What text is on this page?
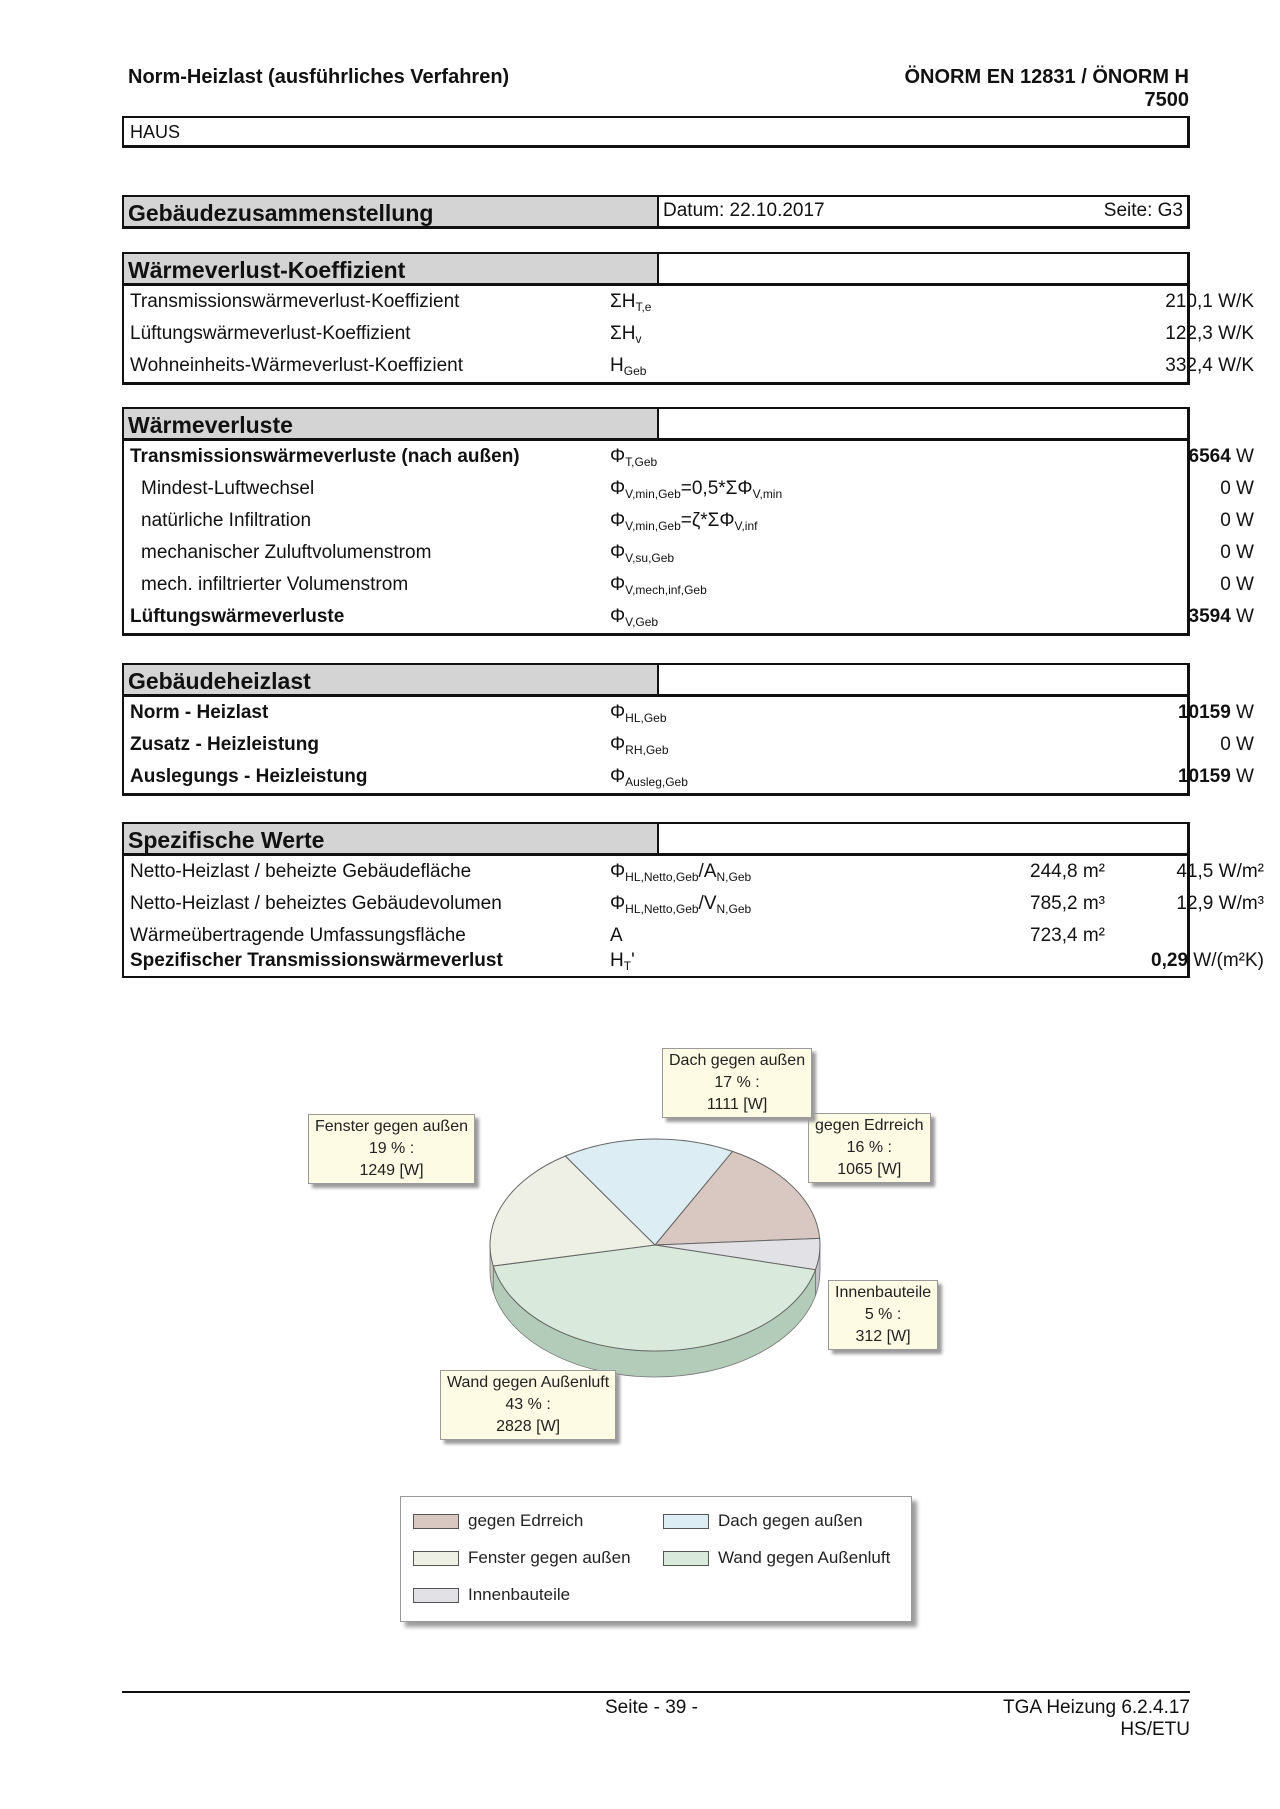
Norm-Heizlast (ausführliches Verfahren)	ÖNORM EN 12831 / ÖNORM H
7500
HAUS
Gebäudezusammenstellung	Datum: 22.10.2017	Seite: G3
Wärmeverlust-Koeffizient
Transmissionswärmeverlust-Koeffizient	$\Sigma H_{T,e}$	210,1 W/K
Lüftungswärmeverlust-Koeffizient	$\Sigma H_v$	122,3 W/K
Wohneinheits-Wärmeverlust-Koeffizient	$H_{Geb}$	332,4 W/K
Wärmeverluste
Transmissionswärmeverluste (nach außen)	$\Phi_{T,Geb}$	6564 W
Mindest-Luftwechsel	$\Phi_{V,min,Geb}=0,5*\Sigma\Phi_{V,min}$	0 W
natürliche Infiltration	$\Phi_{V,min,Geb}=\zeta*\Sigma\Phi_{V,inf}$	0 W
mechanischer Zuluftvolumenstrom	$\Phi_{V,su,Geb}$	0 W
mech. infiltrierter Volumenstrom	$\Phi_{V,mech,inf,Geb}$	0 W
Lüftungswärmeverluste	$\Phi_{V,Geb}$	3594 W
Gebäudeheizlast
Norm - Heizlast	$\Phi_{HL,Geb}$	10159 W
Zusatz - Heizleistung	$\Phi_{RH,Geb}$	0 W
Auslegungs - Heizleistung	$\Phi_{Ausleg,Geb}$	10159 W
Spezifische Werte
Netto-Heizlast / beheizte Gebäudefläche	$\Phi_{HL,Netto,Geb}/A_{N,Geb}$	244,8 m²	41,5 W/m²
Netto-Heizlast / beheiztes Gebäudevolumen	$\Phi_{HL,Netto,Geb}/V_{N,Geb}$	785,2 m³	12,9 W/m³
Wärmeübertragende Umfassungsfläche	A	723,4 m²
Spezifischer Transmissionswärmeverlust	$H_T'$	0,29 W/(m²K)
gegen Edrreich
16 % :
1065 [W]
Innenbauteile
5 % :
312 [W]
Wand gegen Außenluft
43 % :
2828 [W]
Fenster gegen außen
19 % :
1249 [W]
Dach gegen außen
17 % :
1111 [W]
gegen Edrreich	Dach gegen außen
Fenster gegen außen	Wand gegen Außenluft
Innenbauteile
Seite - 39 -	TGA Heizung 6.2.4.17
HS/ETU
